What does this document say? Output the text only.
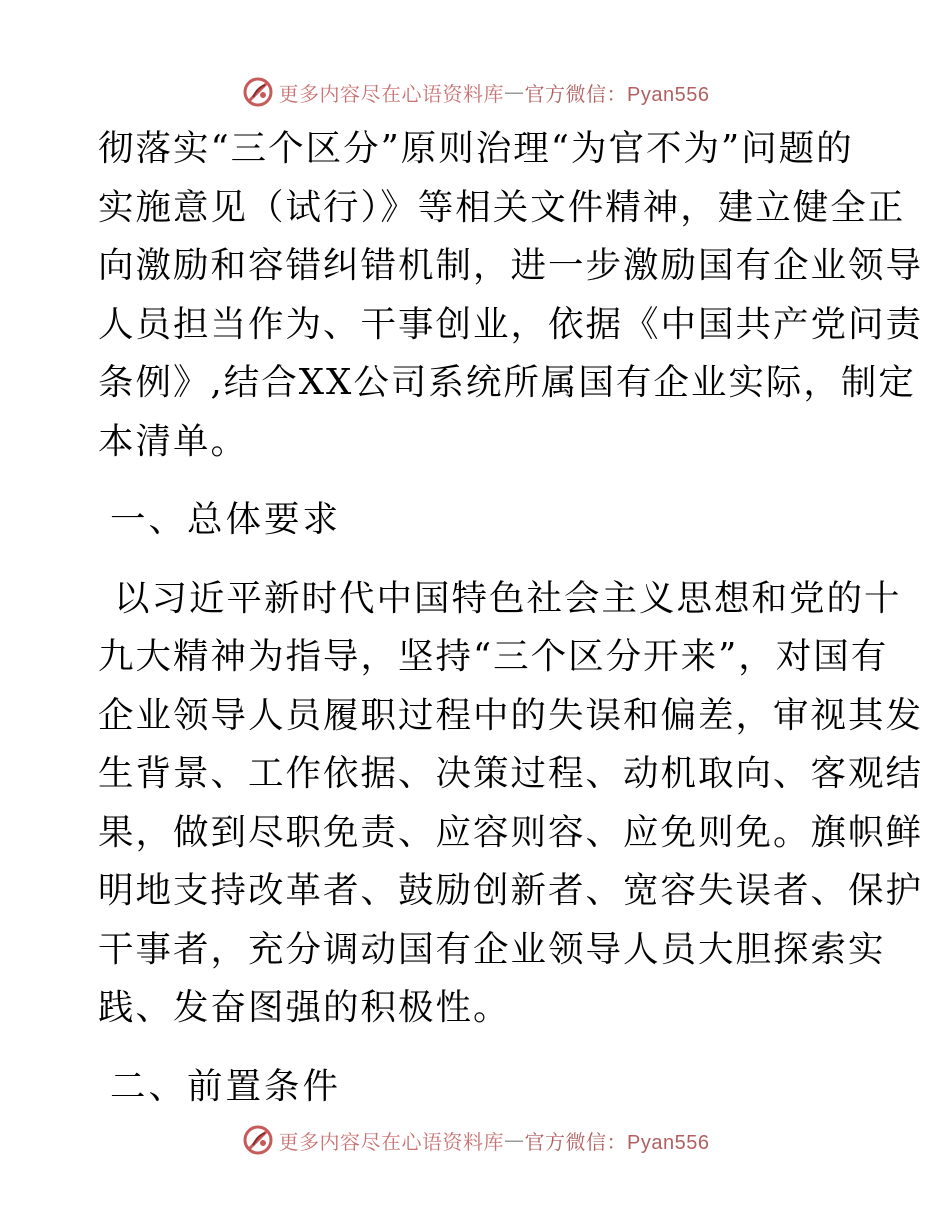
更多内容尽在心语资料库 — 官方微信：Pyan556
彻落实“三个区分”原则治理“为官不为”问题的
实施意见（试行）》等相关文件精神，建立健全正
向激励和容错纠错机制，进一步激励国有企业领导
人员担当作为、干事创业，依据《中国共产党问责
条例》,结合XX公司系统所属国有企业实际，制定
本清单。
一、总体要求
以习近平新时代中国特色社会主义思想和党的十
九大精神为指导，坚持“三个区分开来”，对国有
企业领导人员履职过程中的失误和偏差，审视其发
生背景、工作依据、决策过程、动机取向、客观结
果，做到尽职免责、应容则容、应免则免。旗帜鲜
明地支持改革者、鼓励创新者、宽容失误者、保护
干事者，充分调动国有企业领导人员大胆探索实
践、发奋图强的积极性。
二、前置条件
更多内容尽在心语资料库 — 官方微信：Pyan556
